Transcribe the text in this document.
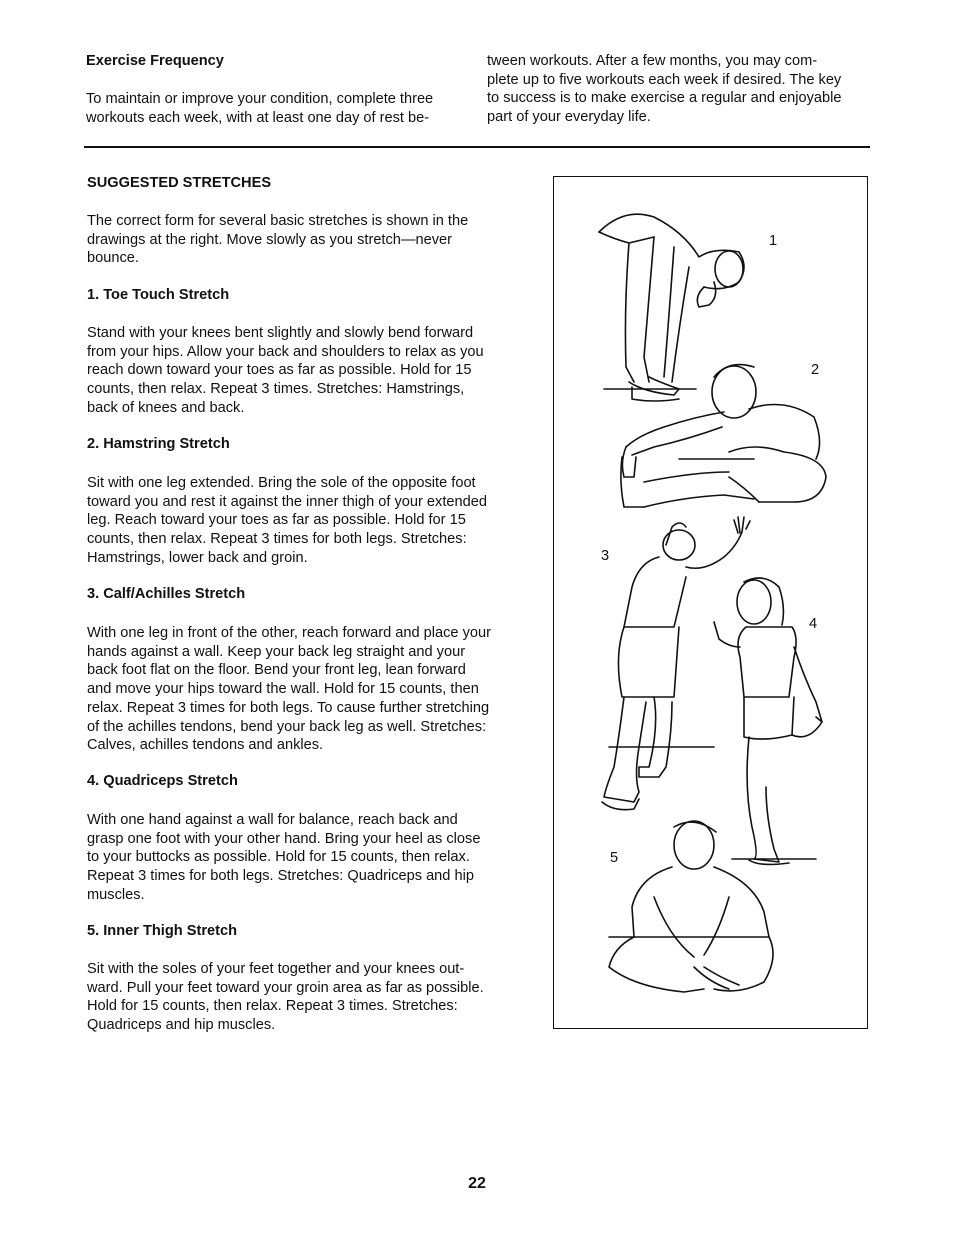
Exercise Frequency
To maintain or improve your condition, complete three
workouts each week, with at least one day of rest be-
tween workouts. After a few months, you may com-
plete up to five workouts each week if desired. The key
to success is to make exercise a regular and enjoyable
part of your everyday life.
SUGGESTED STRETCHES
The correct form for several basic stretches is shown in the
drawings at the right. Move slowly as you stretch—never
bounce.
1. Toe Touch Stretch
Stand with your knees bent slightly and slowly bend forward
from your hips. Allow your back and shoulders to relax as you
reach down toward your toes as far as possible. Hold for 15
counts, then relax. Repeat 3 times. Stretches: Hamstrings,
back of knees and back.
2. Hamstring Stretch
Sit with one leg extended. Bring the sole of the opposite foot
toward you and rest it against the inner thigh of your extended
leg. Reach toward your toes as far as possible. Hold for 15
counts, then relax. Repeat 3 times for both legs. Stretches:
Hamstrings, lower back and groin.
3. Calf/Achilles Stretch
With one leg in front of the other, reach forward and place your
hands against a wall. Keep your back leg straight and your
back foot flat on the floor. Bend your front leg, lean forward
and move your hips toward the wall. Hold for 15 counts, then
relax. Repeat 3 times for both legs. To cause further stretching
of the achilles tendons, bend your back leg as well. Stretches:
Calves, achilles tendons and ankles.
4. Quadriceps Stretch
With one hand against a wall for balance, reach back and
grasp one foot with your other hand. Bring your heel as close
to your buttocks as possible. Hold for 15 counts, then relax.
Repeat 3 times for both legs. Stretches: Quadriceps and hip
muscles.
5. Inner Thigh Stretch
Sit with the soles of your feet together and your knees out-
ward. Pull your feet toward your groin area as far as possible.
Hold for 15 counts, then relax. Repeat 3 times. Stretches:
Quadriceps and hip muscles.
1
2
3
4
5
22
